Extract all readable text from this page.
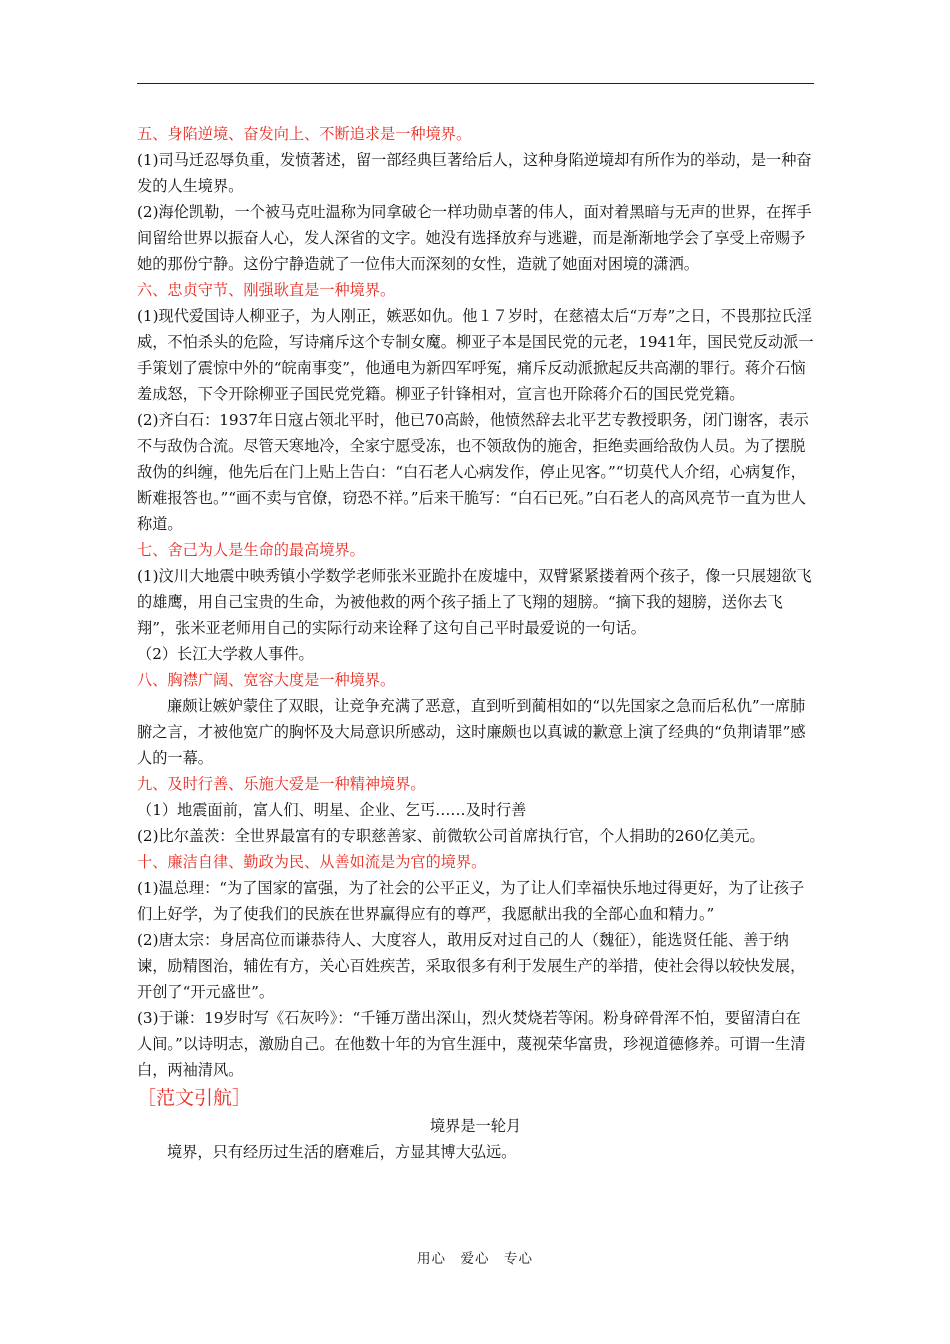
五、身陷逆境、奋发向上、不断追求是一种境界。

(1)司马迁忍辱负重，发愤著述，留一部经典巨著给后人，这种身陷逆境却有所作为的举动，是一种奋发的人生境界。

(2)海伦凯勒，一个被马克吐温称为同拿破仑一样功勋卓著的伟人，面对着黑暗与无声的世界，在挥手间留给世界以振奋人心，发人深省的文字。她没有选择放弃与逃避，而是渐渐地学会了享受上帝赐予她的那份宁静。这份宁静造就了一位伟大而深刻的女性，造就了她面对困境的潇洒。

六、忠贞守节、刚强耿直是一种境界。

(1)现代爱国诗人柳亚子，为人刚正，嫉恶如仇。他１７岁时，在慈禧太后“万寿”之日，不畏那拉氏淫威，不怕杀头的危险，写诗痛斥这个专制女魔。柳亚子本是国民党的元老，1941年，国民党反动派一手策划了震惊中外的“皖南事变”，他通电为新四军呼冤，痛斥反动派掀起反共高潮的罪行。蒋介石恼羞成怒，下令开除柳亚子国民党党籍。柳亚子针锋相对，宣言也开除蒋介石的国民党党籍。

(2)齐白石：1937年日寇占领北平时，他已70高龄，他愤然辞去北平艺专教授职务，闭门谢客，表示不与敌伪合流。尽管天寒地冷，全家宁愿受冻，也不领敌伪的施舍，拒绝卖画给敌伪人员。为了摆脱敌伪的纠缠，他先后在门上贴上告白：“白石老人心病发作，停止见客。”“切莫代人介绍，心病复作，断难报答也。”“画不卖与官僚，窃恐不祥。”后来干脆写：“白石已死。”白石老人的高风亮节一直为世人称道。

七、舍己为人是生命的最高境界。

(1)汶川大地震中映秀镇小学数学老师张米亚跪扑在废墟中，双臂紧紧搂着两个孩子，像一只展翅欲飞的雄鹰，用自己宝贵的生命，为被他救的两个孩子插上了飞翔的翅膀。“摘下我的翅膀，送你去飞翔”，张米亚老师用自己的实际行动来诠释了这句自己平时最爱说的一句话。

（2）长江大学救人事件。

八、胸襟广阔、宽容大度是一种境界。

廉颇让嫉妒蒙住了双眼，让竞争充满了恶意，直到听到蔺相如的“以先国家之急而后私仇”一席肺腑之言，才被他宽广的胸怀及大局意识所感动，这时廉颇也以真诚的歉意上演了经典的“负荆请罪”感人的一幕。

九、及时行善、乐施大爱是一种精神境界。

（1）地震面前，富人们、明星、企业、乞丐……及时行善

(2)比尔盖茨：全世界最富有的专职慈善家、前微软公司首席执行官，个人捐助的260亿美元。

十、廉洁自律、勤政为民、从善如流是为官的境界。

(1)温总理：“为了国家的富强，为了社会的公平正义，为了让人们幸福快乐地过得更好，为了让孩子们上好学，为了使我们的民族在世界赢得应有的尊严，我愿献出我的全部心血和精力。”

(2)唐太宗：身居高位而谦恭待人、大度容人，敢用反对过自己的人（魏征），能选贤任能、善于纳谏，励精图治，辅佐有方，关心百姓疾苦，采取很多有利于发展生产的举措，使社会得以较快发展，开创了“开元盛世”。

(3)于谦：19岁时写《石灰吟》：“千锤万凿出深山，烈火焚烧若等闲。粉身碎骨浑不怕，要留清白在人间。”以诗明志，激励自己。在他数十年的为官生涯中，蔑视荣华富贵，珍视道德修养。可谓一生清白，两袖清风。

［范文引航］

境界是一轮月

境界，只有经历过生活的磨难后，方显其博大弘远。

用心　爱心　专心
